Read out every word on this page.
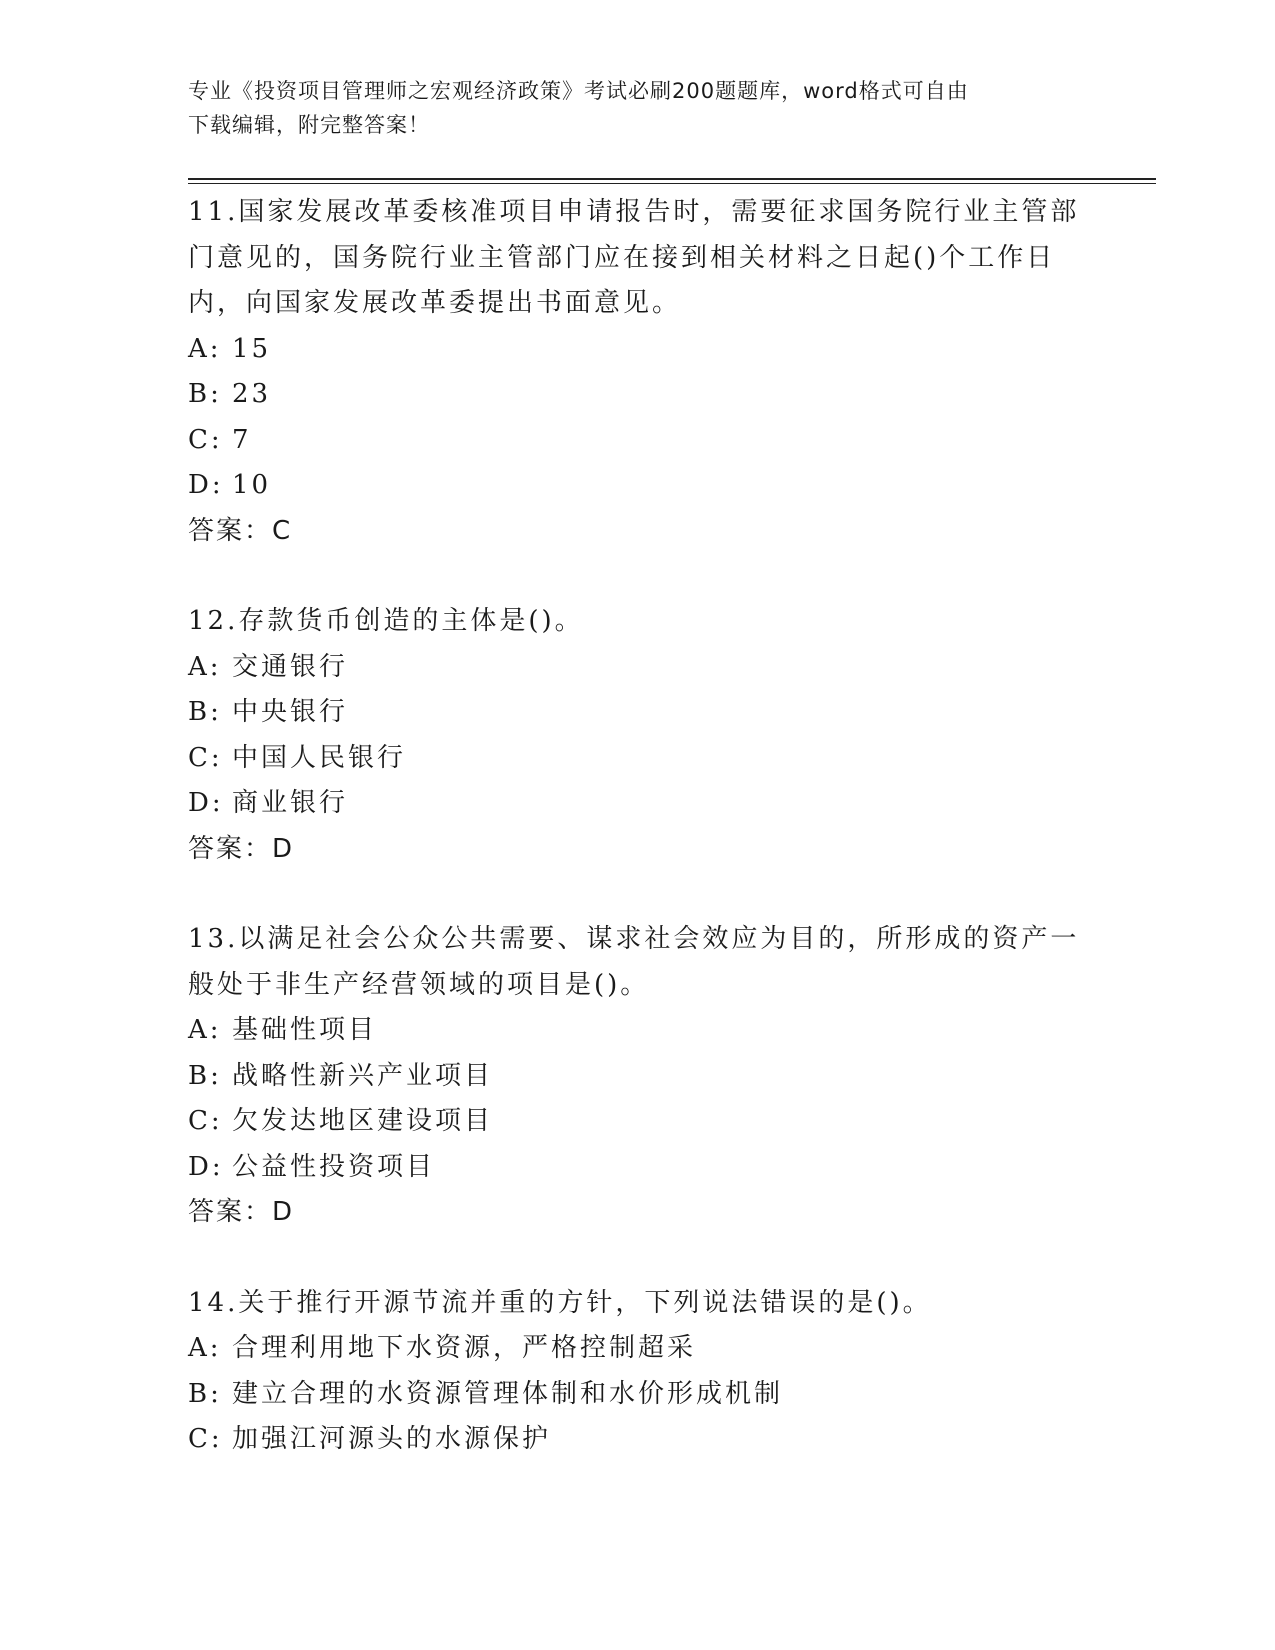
专业《投资项目管理师之宏观经济政策》考试必刷200题题库，word格式可自由
下载编辑，附完整答案！
11.国家发展改革委核准项目申请报告时，需要征求国务院行业主管部门意见的，国务院行业主管部门应在接到相关材料之日起()个工作日内，向国家发展改革委提出书面意见。
A: 15
B: 23
C: 7
D: 10
答案：C
12.存款货币创造的主体是()。
A: 交通银行
B: 中央银行
C: 中国人民银行
D: 商业银行
答案：D
13.以满足社会公众公共需要、谋求社会效应为目的，所形成的资产一般处于非生产经营领域的项目是()。
A: 基础性项目
B: 战略性新兴产业项目
C: 欠发达地区建设项目
D: 公益性投资项目
答案：D
14.关于推行开源节流并重的方针，下列说法错误的是()。
A: 合理利用地下水资源，严格控制超采
B: 建立合理的水资源管理体制和水价形成机制
C: 加强江河源头的水源保护
